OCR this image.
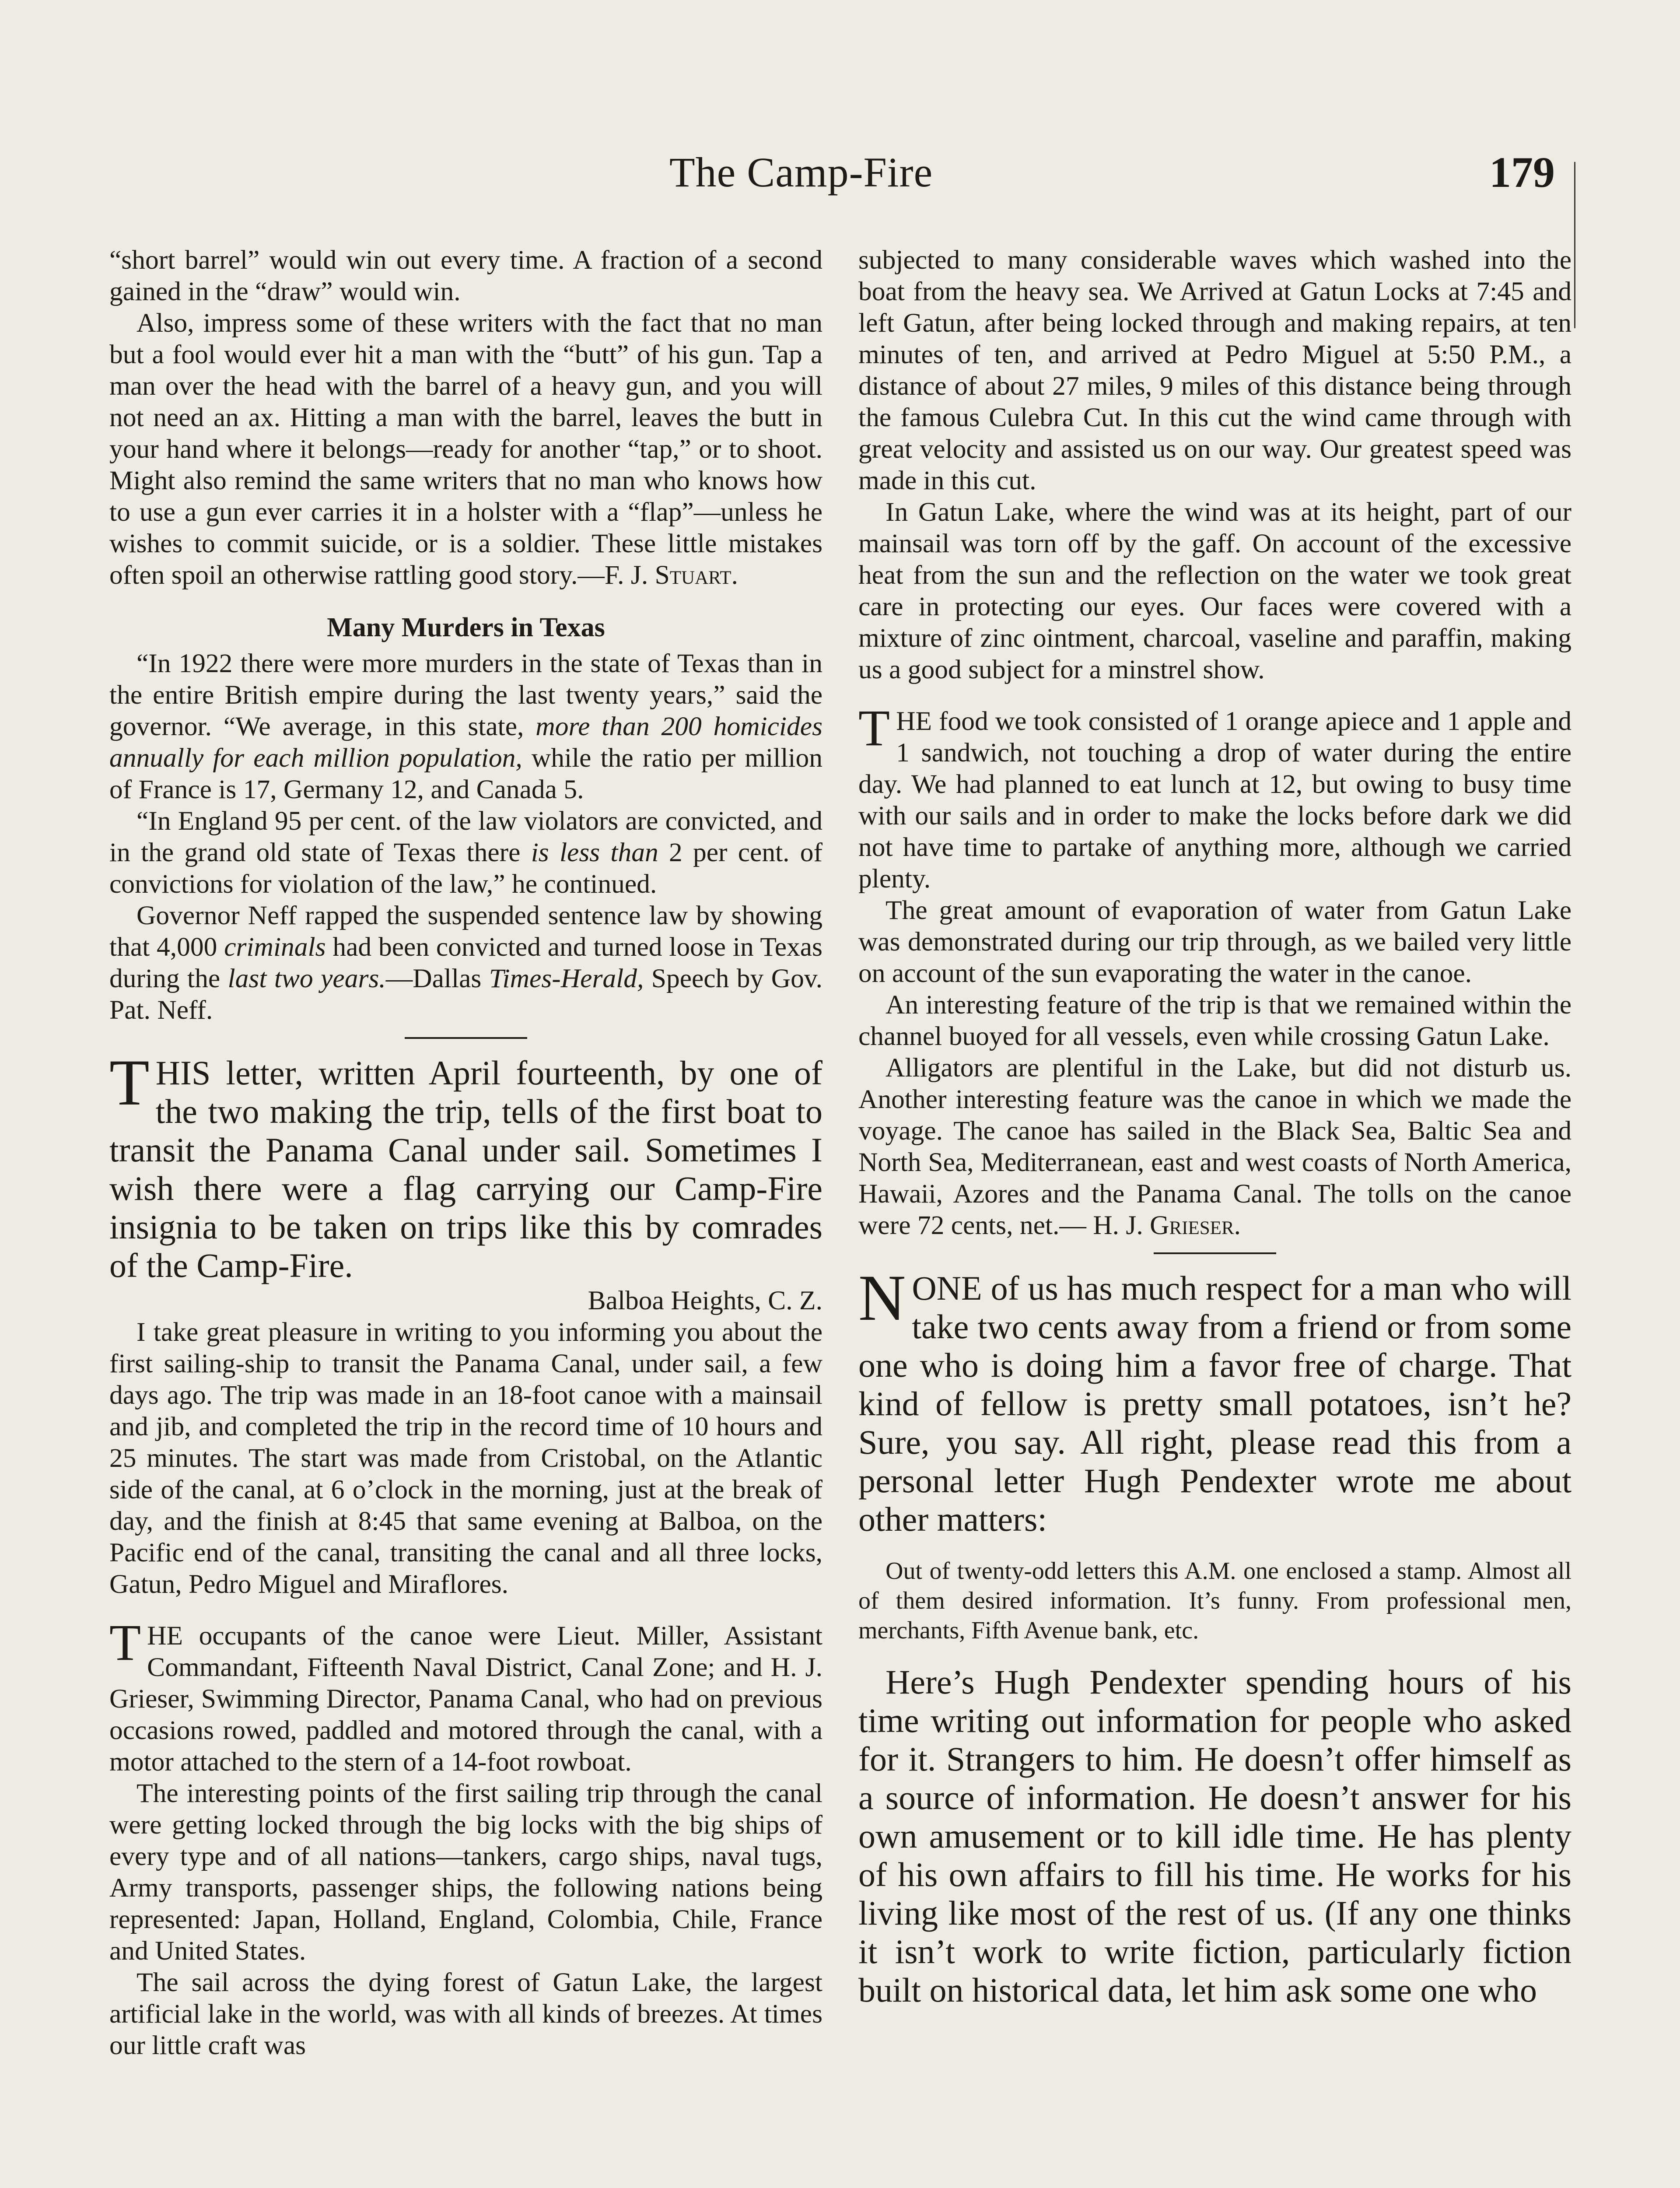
The Camp-Fire	179

“short barrel” would win out every time. A fraction of a second gained in the “draw” would win.

Also, impress some of these writers with the fact that no man but a fool would ever hit a man with the “butt” of his gun. Tap a man over the head with the barrel of a heavy gun, and you will not need an ax. Hitting a man with the barrel, leaves the butt in your hand where it belongs—ready for another “tap,” or to shoot. Might also remind the same writers that no man who knows how to use a gun ever carries it in a holster with a “flap”—unless he wishes to commit suicide, or is a soldier. These little mistakes often spoil an otherwise rattling good story.—F. J. Stuart.

Many Murders in Texas

“In 1922 there were more murders in the state of Texas than in the entire British empire during the last twenty years,” said the governor. “We average, in this state, more than 200 homicides annually for each million population, while the ratio per million of France is 17, Germany 12, and Canada 5.

“In England 95 per cent. of the law violators are convicted, and in the grand old state of Texas there is less than 2 per cent. of convictions for violation of the law,” he continued.

Governor Neff rapped the suspended sentence law by showing that 4,000 criminals had been convicted and turned loose in Texas during the last two years.—Dallas Times-Herald, Speech by Gov. Pat. Neff.

THIS letter, written April fourteenth, by one of the two making the trip, tells of the first boat to transit the Panama Canal under sail. Sometimes I wish there were a flag carrying our Camp-Fire insignia to be taken on trips like this by comrades of the Camp-Fire.

Balboa Heights, C. Z.

I take great pleasure in writing to you informing you about the first sailing-ship to transit the Panama Canal, under sail, a few days ago. The trip was made in an 18-foot canoe with a mainsail and jib, and completed the trip in the record time of 10 hours and 25 minutes. The start was made from Cristobal, on the Atlantic side of the canal, at 6 o’clock in the morning, just at the break of day, and the finish at 8:45 that same evening at Balboa, on the Pacific end of the canal, transiting the canal and all three locks, Gatun, Pedro Miguel and Miraflores.

THE occupants of the canoe were Lieut. Miller, Assistant Commandant, Fifteenth Naval District, Canal Zone; and H. J. Grieser, Swimming Director, Panama Canal, who had on previous occasions rowed, paddled and motored through the canal, with a motor attached to the stern of a 14-foot rowboat.

The interesting points of the first sailing trip through the canal were getting locked through the big locks with the big ships of every type and of all nations—tankers, cargo ships, naval tugs, Army transports, passenger ships, the following nations being represented: Japan, Holland, England, Colombia, Chile, France and United States.

The sail across the dying forest of Gatun Lake, the largest artificial lake in the world, was with all kinds of breezes. At times our little craft was

subjected to many considerable waves which washed into the boat from the heavy sea. We Arrived at Gatun Locks at 7:45 and left Gatun, after being locked through and making repairs, at ten minutes of ten, and arrived at Pedro Miguel at 5:50 P.M., a distance of about 27 miles, 9 miles of this distance being through the famous Culebra Cut. In this cut the wind came through with great velocity and assisted us on our way. Our greatest speed was made in this cut.

In Gatun Lake, where the wind was at its height, part of our mainsail was torn off by the gaff. On account of the excessive heat from the sun and the reflection on the water we took great care in protecting our eyes. Our faces were covered with a mixture of zinc ointment, charcoal, vaseline and paraffin, making us a good subject for a minstrel show.

THE food we took consisted of 1 orange apiece and 1 apple and 1 sandwich, not touching a drop of water during the entire day. We had planned to eat lunch at 12, but owing to busy time with our sails and in order to make the locks before dark we did not have time to partake of anything more, although we carried plenty.

The great amount of evaporation of water from Gatun Lake was demonstrated during our trip through, as we bailed very little on account of the sun evaporating the water in the canoe.

An interesting feature of the trip is that we remained within the channel buoyed for all vessels, even while crossing Gatun Lake.

Alligators are plentiful in the Lake, but did not disturb us. Another interesting feature was the canoe in which we made the voyage. The canoe has sailed in the Black Sea, Baltic Sea and North Sea, Mediterranean, east and west coasts of North America, Hawaii, Azores and the Panama Canal. The tolls on the canoe were 72 cents, net.— H. J. Grieser.

NONE of us has much respect for a man who will take two cents away from a friend or from some one who is doing him a favor free of charge. That kind of fellow is pretty small potatoes, isn’t he? Sure, you say. All right, please read this from a personal letter Hugh Pendexter wrote me about other matters:

Out of twenty-odd letters this A.M. one enclosed a stamp. Almost all of them desired information. It’s funny. From professional men, merchants, Fifth Avenue bank, etc.

Here’s Hugh Pendexter spending hours of his time writing out information for people who asked for it. Strangers to him. He doesn’t offer himself as a source of information. He doesn’t answer for his own amusement or to kill idle time. He has plenty of his own affairs to fill his time. He works for his living like most of the rest of us. (If any one thinks it isn’t work to write fiction, particularly fiction built on historical data, let him ask some one who
